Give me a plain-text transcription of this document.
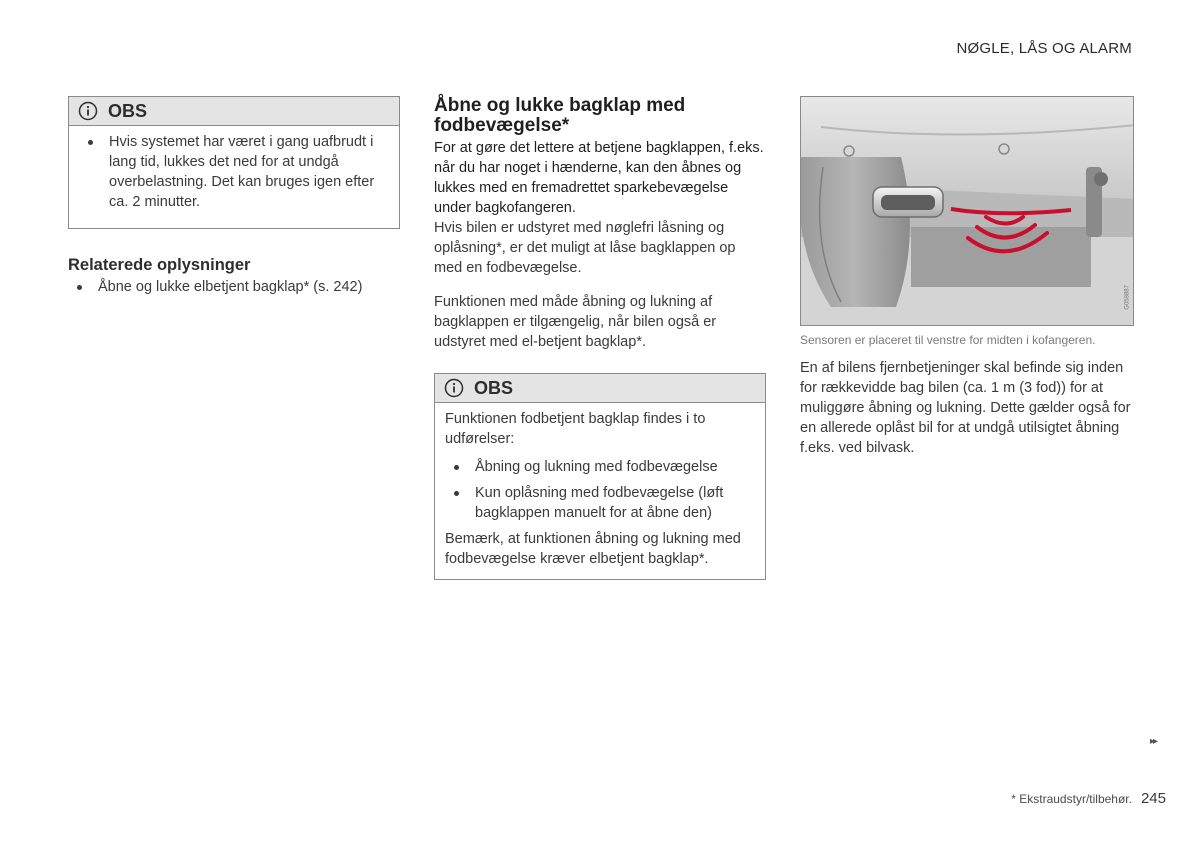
NØGLE, LÅS OG ALARM
OBS
Hvis systemet har været i gang uafbrudt i lang tid, lukkes det ned for at undgå overbelastning. Det kan bruges igen efter ca. 2 minutter.
Relaterede oplysninger
Åbne og lukke elbetjent bagklap* (s. 242)
Åbne og lukke bagklap med fodbevægelse*

For at gøre det lettere at betjene bagklappen, f.eks. når du har noget i hænderne, kan den åbnes og lukkes med en fremadrettet sparkebevægelse under bagkofangeren.

Hvis bilen er udstyret med nøglefri låsning og oplåsning*, er det muligt at låse bagklappen op med en fodbevægelse.

Funktionen med måde åbning og lukning af bagklappen er tilgængelig, når bilen også er udstyret med el-betjent bagklap*.

OBS

Funktionen fodbetjent bagklap findes i to udførelser:

Åbning og lukning med fodbevægelse
Kun oplåsning med fodbevægelse (løft bagklappen manuelt for at åbne den)

Bemærk, at funktionen åbning og lukning med fodbevægelse kræver elbetjent bagklap*.

G058887

Sensoren er placeret til venstre for midten i kofangeren.

En af bilens fjernbetjeninger skal befinde sig inden for rækkevidde bag bilen (ca. 1 m (3 fod)) for at muliggøre åbning og lukning. Dette gælder også for en allerede oplåst bil for at undgå utilsigtet åbning f.eks. ved bilvask.

▸▸
* Ekstraudstyr/tilbehør. 245
